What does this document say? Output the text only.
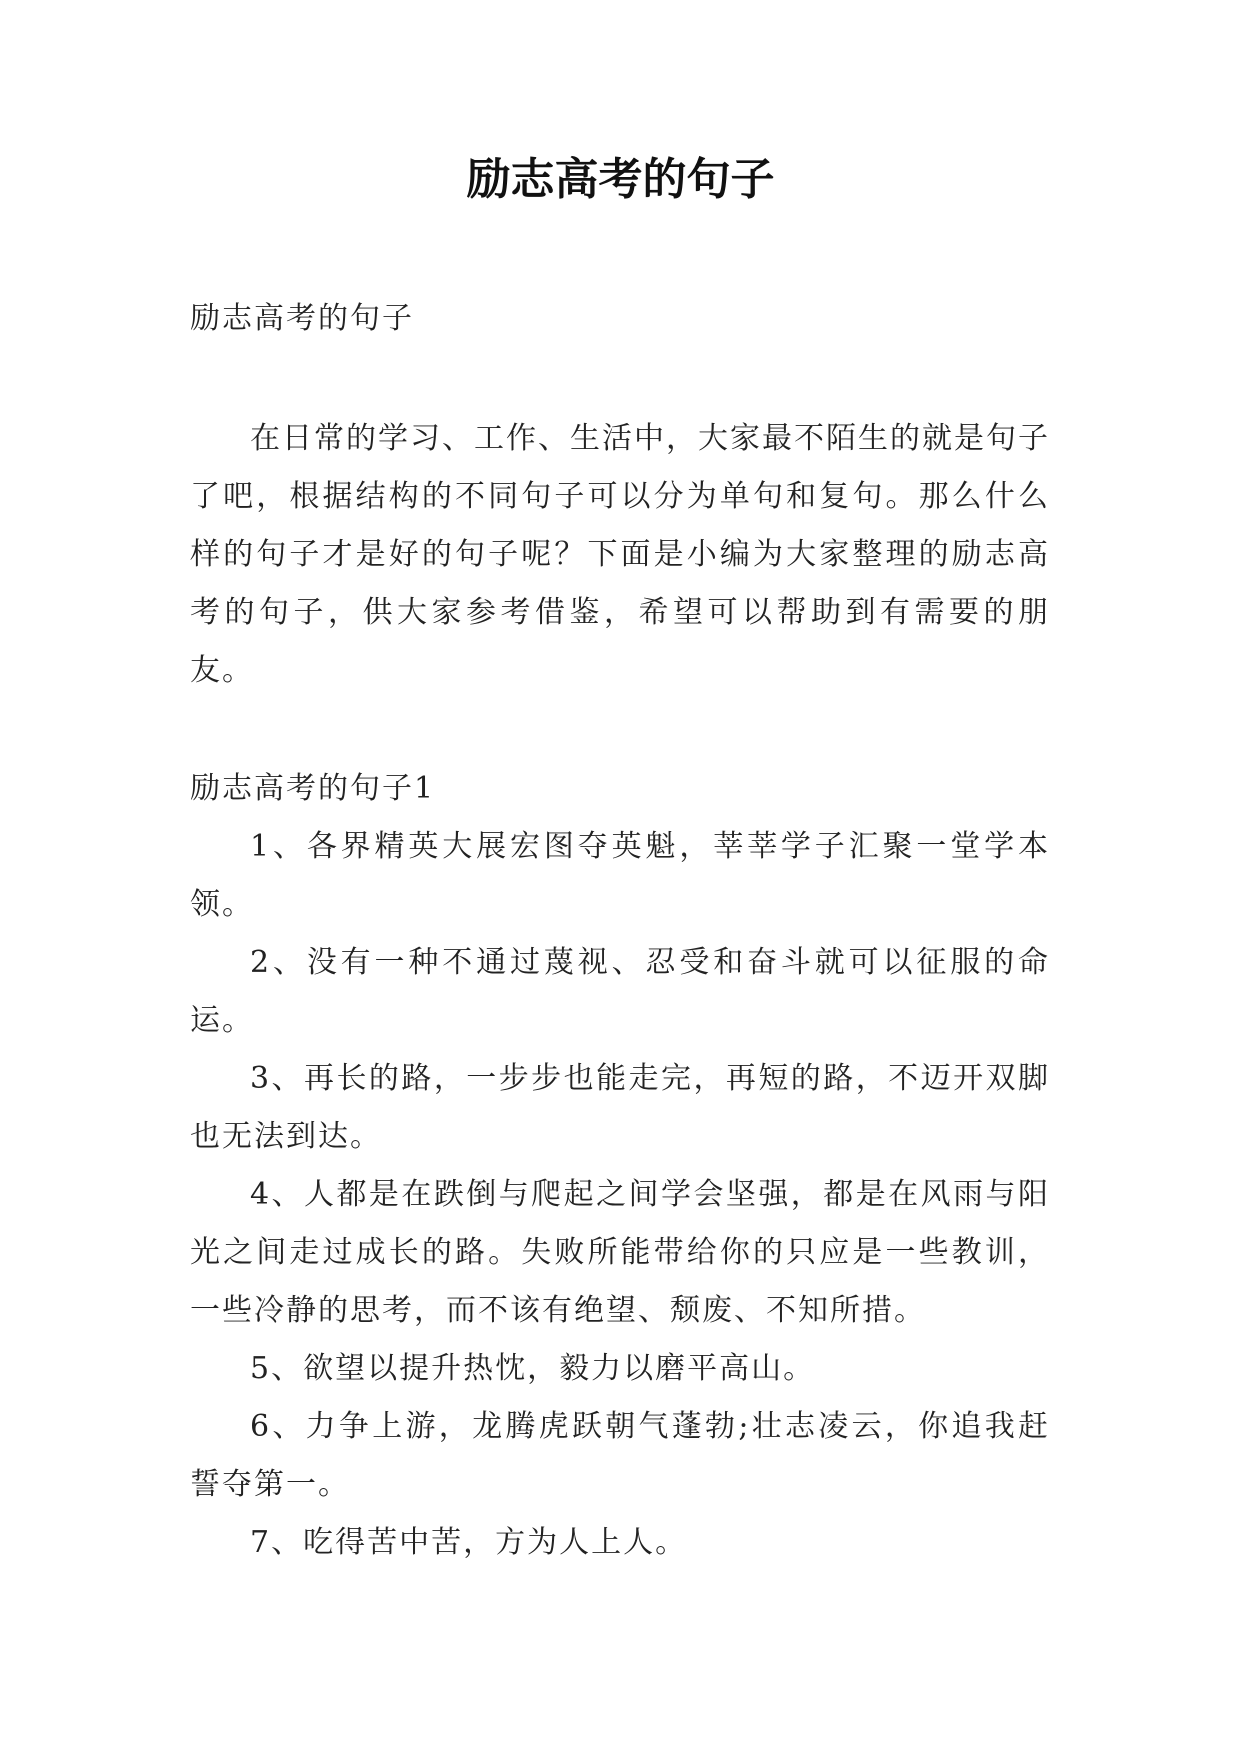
励志高考的句子

励志高考的句子

在日常的学习、工作、生活中，大家最不陌生的就是句子了吧，根据结构的不同句子可以分为单句和复句。那么什么样的句子才是好的句子呢？下面是小编为大家整理的励志高考的句子，供大家参考借鉴，希望可以帮助到有需要的朋友。

励志高考的句子1

1、各界精英大展宏图夺英魁，莘莘学子汇聚一堂学本领。

2、没有一种不通过蔑视、忍受和奋斗就可以征服的命运。

3、再长的路，一步步也能走完，再短的路，不迈开双脚也无法到达。

4、人都是在跌倒与爬起之间学会坚强，都是在风雨与阳光之间走过成长的路。失败所能带给你的只应是一些教训，一些冷静的思考，而不该有绝望、颓废、不知所措。

5、欲望以提升热忱，毅力以磨平高山。

6、力争上游，龙腾虎跃朝气蓬勃;壮志凌云，你追我赶誓夺第一。

7、吃得苦中苦，方为人上人。
